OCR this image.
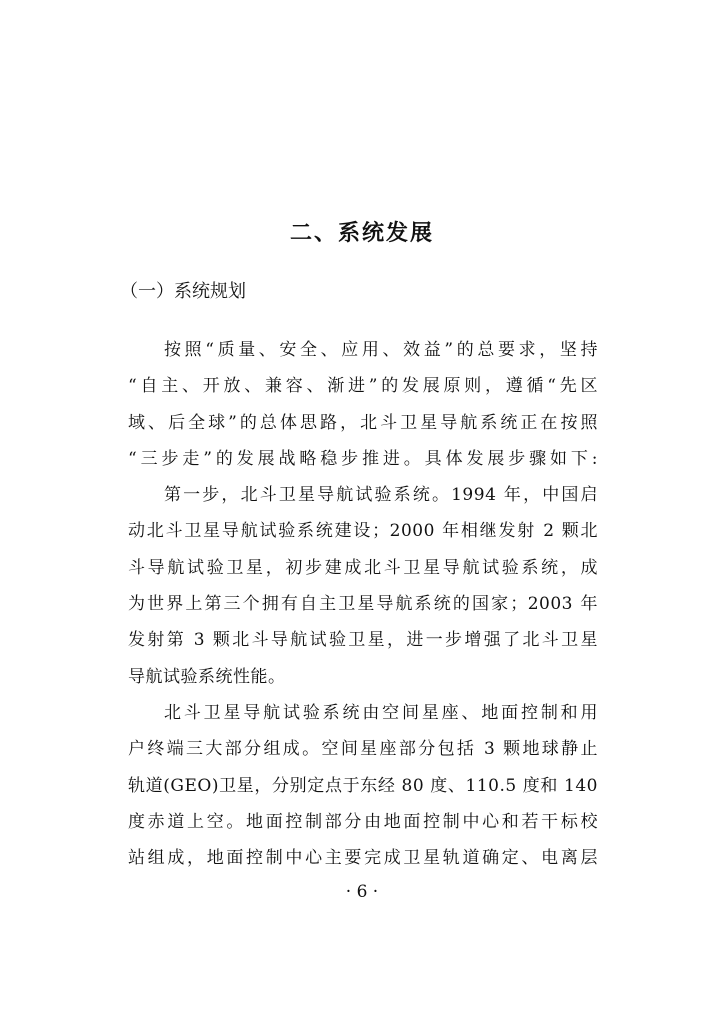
二、系统发展
（一）系统规划
按照“质量、安全、应用、效益”的总要求，坚持
“自主、开放、兼容、渐进”的发展原则，遵循“先区
域、后全球”的总体思路，北斗卫星导航系统正在按照
“三步走”的发展战略稳步推进。具体发展步骤如下:
第一步，北斗卫星导航试验系统。1994 年，中国启
动北斗卫星导航试验系统建设；2000 年相继发射 2 颗北
斗导航试验卫星，初步建成北斗卫星导航试验系统，成
为世界上第三个拥有自主卫星导航系统的国家；2003 年
发射第 3 颗北斗导航试验卫星，进一步增强了北斗卫星
导航试验系统性能。
北斗卫星导航试验系统由空间星座、地面控制和用
户终端三大部分组成。空间星座部分包括 3 颗地球静止
轨道(GEO)卫星，分别定点于东经 80 度、110.5 度和 140
度赤道上空。地面控制部分由地面控制中心和若干标校
站组成，地面控制中心主要完成卫星轨道确定、电离层
· 6 ·
